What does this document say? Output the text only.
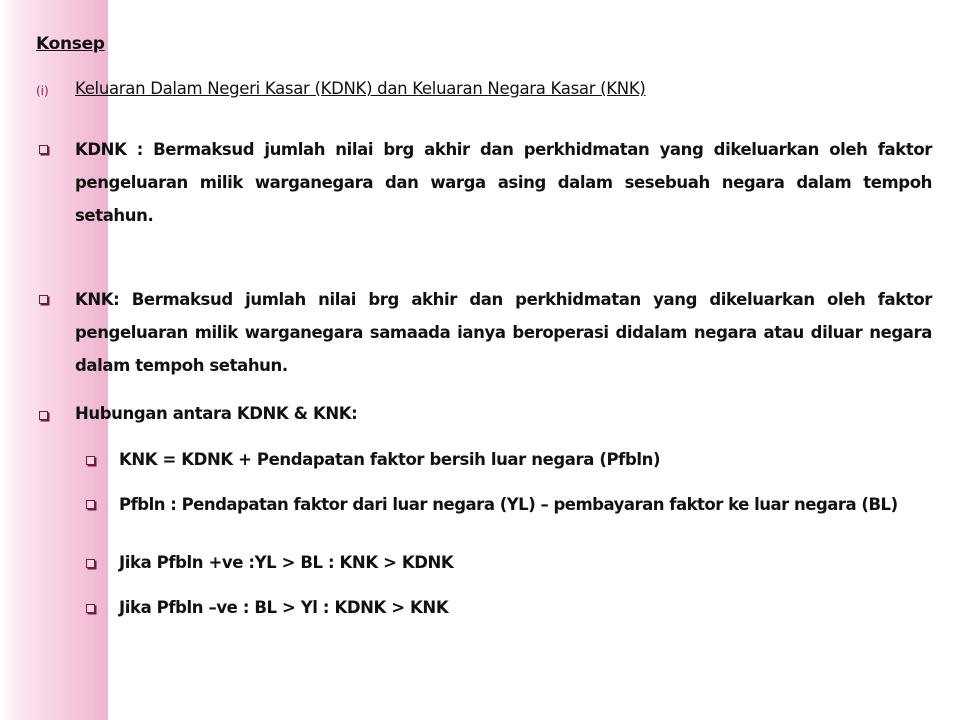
Konsep
(i) Keluaran Dalam Negeri Kasar (KDNK) dan Keluaran Negara Kasar (KNK)
KDNK : Bermaksud jumlah nilai brg akhir dan perkhidmatan yang dikeluarkan oleh faktor pengeluaran milik warganegara dan warga asing dalam sesebuah negara dalam tempoh setahun.
KNK: Bermaksud jumlah nilai brg akhir dan perkhidmatan yang dikeluarkan oleh faktor pengeluaran milik warganegara samaada ianya beroperasi didalam negara atau diluar negara dalam tempoh setahun.
Hubungan antara KDNK & KNK:
KNK = KDNK + Pendapatan faktor bersih luar negara (Pfbln)
Pfbln : Pendapatan faktor dari luar negara (YL) – pembayaran faktor ke luar negara (BL)
Jika Pfbln +ve :YL > BL : KNK > KDNK
Jika Pfbln –ve : BL > Yl : KDNK > KNK
